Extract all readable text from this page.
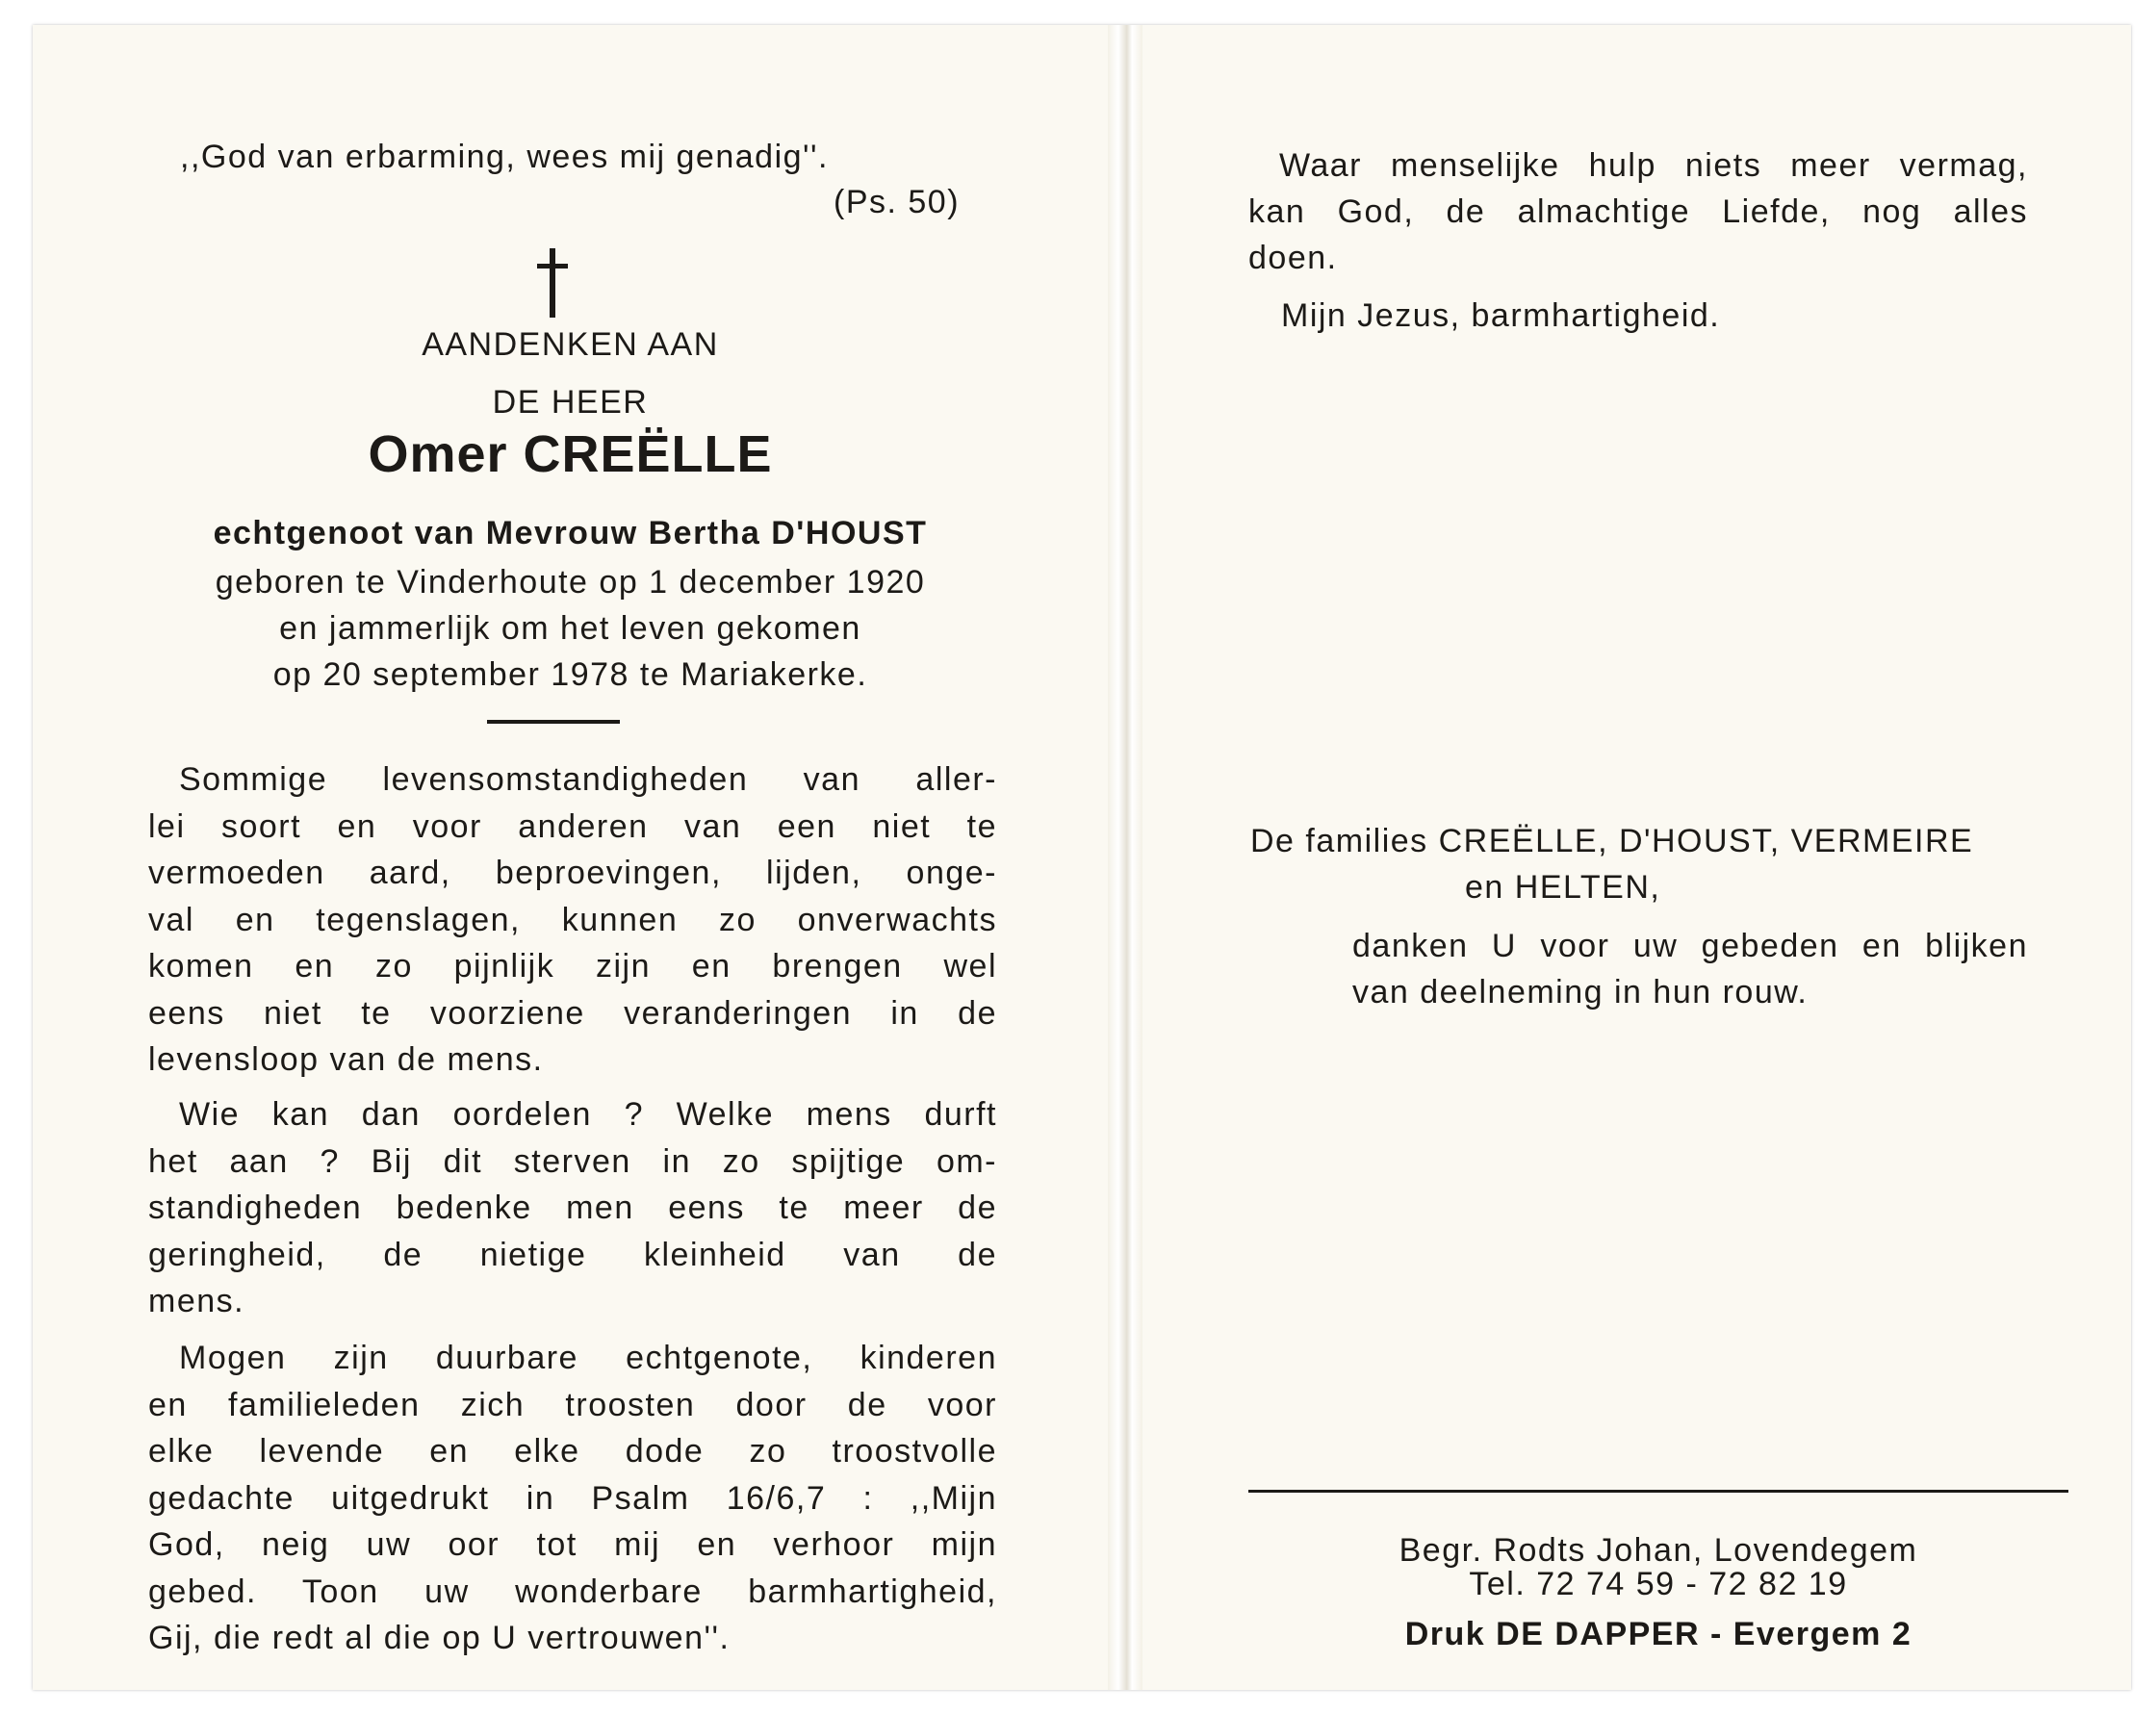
,,God van erbarming, wees mij genadig''.
(Ps. 50)
AANDENKEN AAN
DE HEER
Omer CREËLLE
echtgenoot van Mevrouw Bertha D'HOUST
geboren te Vinderhoute op 1 december 1920
en jammerlijk om het leven gekomen
op 20 september 1978 te Mariakerke.
Sommige levensomstandigheden van aller-
lei soort en voor anderen van een niet te
vermoeden aard, beproevingen, lijden, onge-
val en tegenslagen, kunnen zo onverwachts
komen en zo pijnlijk zijn en brengen wel
eens niet te voorziene veranderingen in de
levensloop van de mens.
Wie kan dan oordelen ? Welke mens durft
het aan ? Bij dit sterven in zo spijtige om-
standigheden bedenke men eens te meer de
geringheid, de nietige kleinheid van de
mens.
Mogen zijn duurbare echtgenote, kinderen
en familieleden zich troosten door de voor
elke levende en elke dode zo troostvolle
gedachte uitgedrukt in Psalm 16/6,7 : ,,Mijn
God, neig uw oor tot mij en verhoor mijn
gebed. Toon uw wonderbare barmhartigheid,
Gij, die redt al die op U vertrouwen''.
Waar menselijke hulp niets meer vermag,
kan God, de almachtige Liefde, nog alles
doen.
Mijn Jezus, barmhartigheid.
De families CREËLLE, D'HOUST, VERMEIRE
en HELTEN,
danken U voor uw gebeden en blijken
van deelneming in hun rouw.
Begr. Rodts Johan, Lovendegem
Tel. 72 74 59 - 72 82 19
Druk DE DAPPER - Evergem 2
